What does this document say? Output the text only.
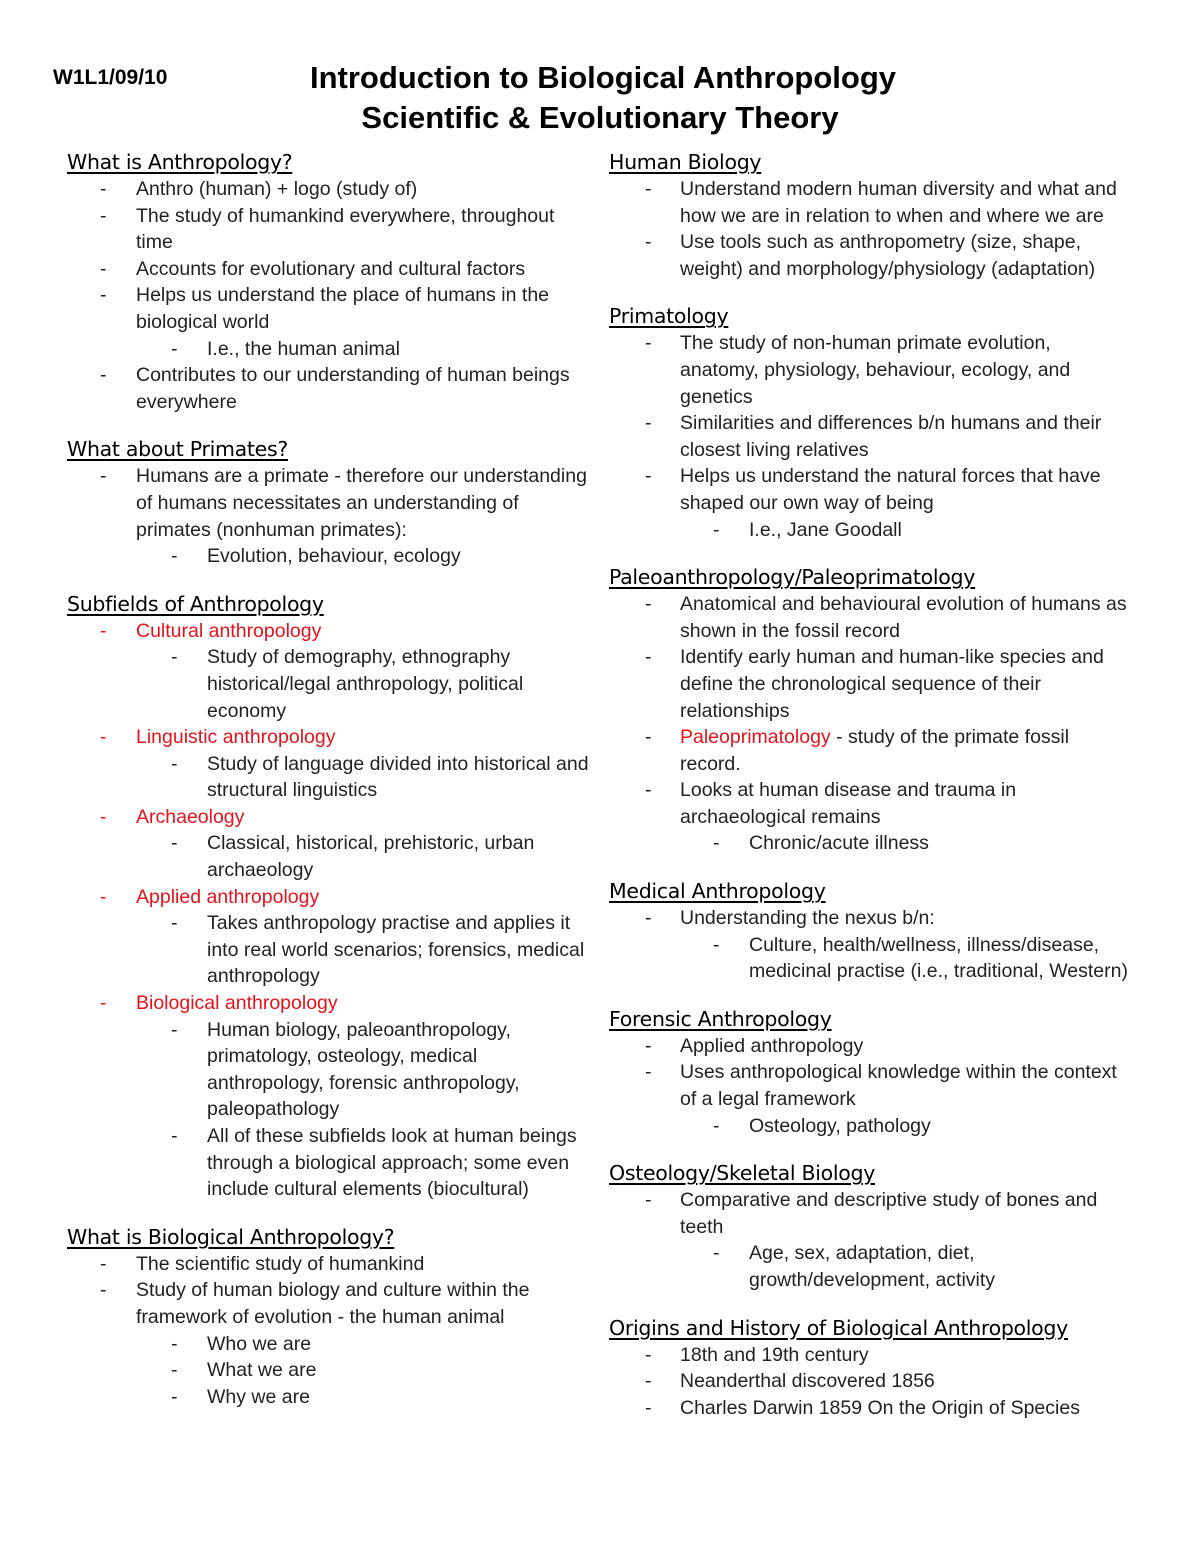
W1L1/09/10	Introduction to Biological Anthropology
Scientific & Evolutionary Theory
What is Anthropology?
- Anthro (human) + logo (study of)
- The study of humankind everywhere, throughout time
- Accounts for evolutionary and cultural factors
- Helps us understand the place of humans in the biological world
- I.e., the human animal
- Contributes to our understanding of human beings everywhere
What about Primates?
- Humans are a primate - therefore our understanding of humans necessitates an understanding of primates (nonhuman primates):
- Evolution, behaviour, ecology
Subfields of Anthropology
- Cultural anthropology
- Study of demography, ethnography historical/legal anthropology, political economy
- Linguistic anthropology
- Study of language divided into historical and structural linguistics
- Archaeology
- Classical, historical, prehistoric, urban archaeology
- Applied anthropology
- Takes anthropology practise and applies it into real world scenarios; forensics, medical anthropology
- Biological anthropology
- Human biology, paleoanthropology, primatology, osteology, medical anthropology, forensic anthropology, paleopathology
- All of these subfields look at human beings through a biological approach; some even include cultural elements (biocultural)
What is Biological Anthropology?
- The scientific study of humankind
- Study of human biology and culture within the framework of evolution - the human animal
- Who we are
- What we are
- Why we are
Human Biology
- Understand modern human diversity and what and how we are in relation to when and where we are
- Use tools such as anthropometry (size, shape, weight) and morphology/physiology (adaptation)
Primatology
- The study of non-human primate evolution, anatomy, physiology, behaviour, ecology, and genetics
- Similarities and differences b/n humans and their closest living relatives
- Helps us understand the natural forces that have shaped our own way of being
- I.e., Jane Goodall
Paleoanthropology/Paleoprimatology
- Anatomical and behavioural evolution of humans as shown in the fossil record
- Identify early human and human-like species and define the chronological sequence of their relationships
- Paleoprimatology - study of the primate fossil record.
- Looks at human disease and trauma in archaeological remains
- Chronic/acute illness
Medical Anthropology
- Understanding the nexus b/n:
- Culture, health/wellness, illness/disease, medicinal practise (i.e., traditional, Western)
Forensic Anthropology
- Applied anthropology
- Uses anthropological knowledge within the context of a legal framework
- Osteology, pathology
Osteology/Skeletal Biology
- Comparative and descriptive study of bones and teeth
- Age, sex, adaptation, diet, growth/development, activity
Origins and History of Biological Anthropology
- 18th and 19th century
- Neanderthal discovered 1856
- Charles Darwin 1859 On the Origin of Species
